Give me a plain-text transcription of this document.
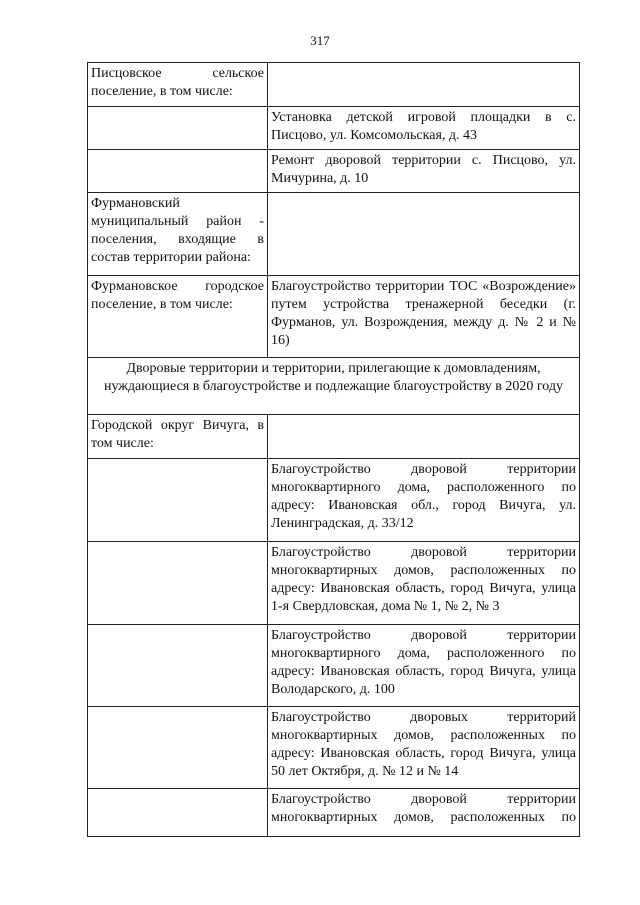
317
Писцовское сельское поселение, в том числе:	
	Установка детской игровой площадки в с. Писцово, ул. Комсомольская, д. 43
	Ремонт дворовой территории с. Писцово, ул. Мичурина, д. 10
Фурмановский муниципальный район - поселения, входящие в состав территории района:	
Фурмановское городское поселение, в том числе:	Благоустройство территории ТОС «Возрождение» путем устройства тренажерной беседки (г. Фурманов, ул. Возрождения, между д. № 2 и № 16)
Дворовые территории и территории, прилегающие к домовладениям, нуждающиеся в благоустройстве и подлежащие благоустройству в 2020 году	
Городской округ Вичуга, в том числе:	
	Благоустройство дворовой территории многоквартирного дома, расположенного по адресу: Ивановская обл., город Вичуга, ул. Ленинградская, д. 33/12
	Благоустройство дворовой территории многоквартирных домов, расположенных по адресу: Ивановская область, город Вичуга, улица 1-я Свердловская, дома № 1, № 2, № 3
	Благоустройство дворовой территории многоквартирного дома, расположенного по адресу: Ивановская область, город Вичуга, улица Володарского, д. 100
	Благоустройство дворовых территорий многоквартирных домов, расположенных по адресу: Ивановская область, город Вичуга, улица 50 лет Октября, д. № 12 и № 14
	Благоустройство дворовой территории многоквартирных домов, расположенных по
